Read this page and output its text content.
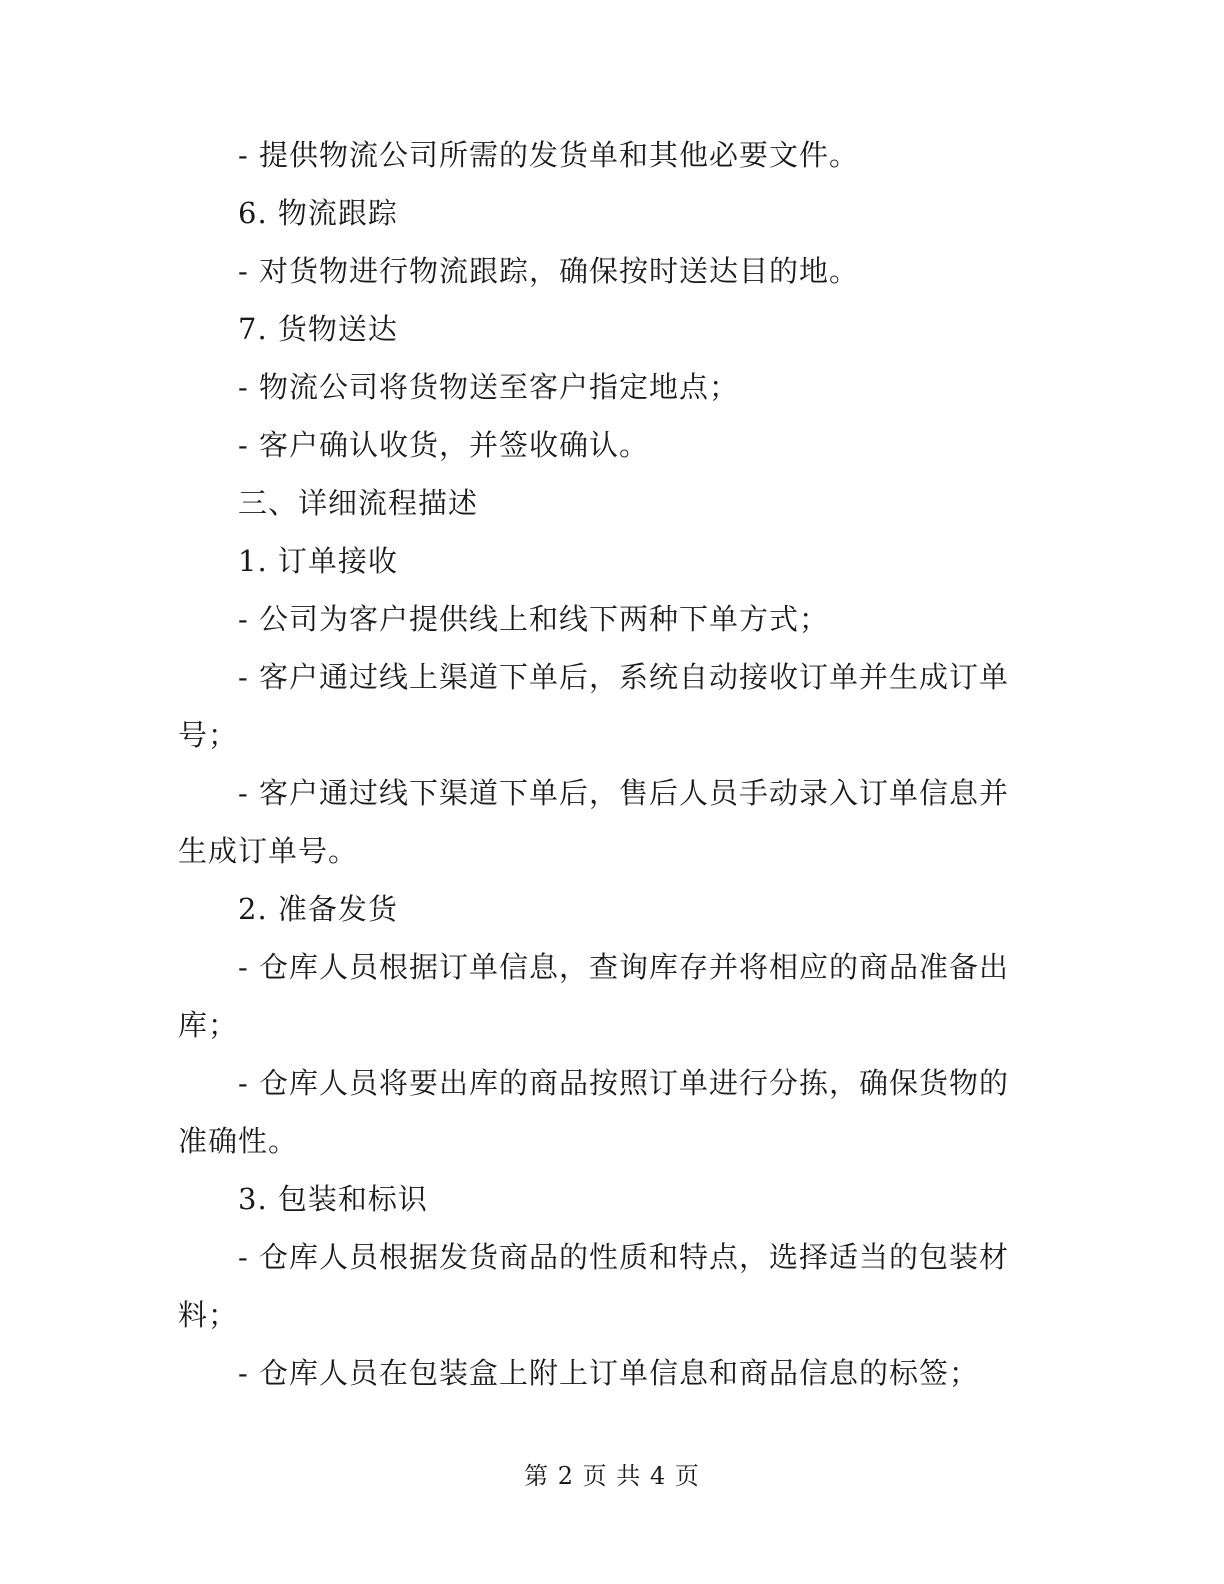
- 提供物流公司所需的发货单和其他必要文件。

6. 物流跟踪

- 对货物进行物流跟踪，确保按时送达目的地。

7. 货物送达

- 物流公司将货物送至客户指定地点；

- 客户确认收货，并签收确认。

三、详细流程描述

1. 订单接收

- 公司为客户提供线上和线下两种下单方式；

- 客户通过线上渠道下单后，系统自动接收订单并生成订单号；

- 客户通过线下渠道下单后，售后人员手动录入订单信息并生成订单号。

2. 准备发货

- 仓库人员根据订单信息，查询库存并将相应的商品准备出库；

- 仓库人员将要出库的商品按照订单进行分拣，确保货物的准确性。

3. 包装和标识

- 仓库人员根据发货商品的性质和特点，选择适当的包装材料；

- 仓库人员在包装盒上附上订单信息和商品信息的标签；

第 2 页 共 4 页
